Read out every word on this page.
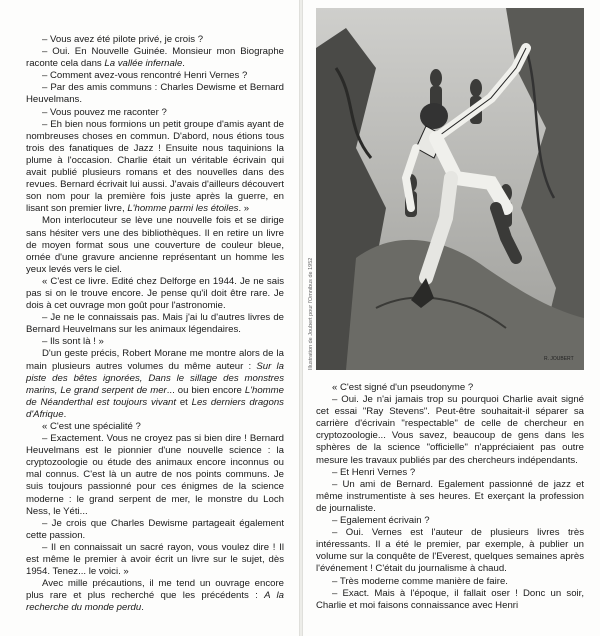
– Vous avez été pilote privé, je crois ?

– Oui. En Nouvelle Guinée. Monsieur mon Biographe raconte cela dans La vallée infernale.

– Comment avez-vous rencontré Henri Vernes ?

– Par des amis communs : Charles Dewisme et Bernard Heuvelmans.

– Vous pouvez me raconter ?

– Eh bien nous formions un petit groupe d'amis ayant de nombreuses choses en commun. D'abord, nous étions tous trois des fanatiques de Jazz ! Ensuite nous taquinions la plume à l'occasion. Charlie était un véritable écrivain qui avait publié plusieurs romans et des nouvelles dans des revues. Bernard écrivait lui aussi. J'avais d'ailleurs découvert son nom pour la première fois juste après la guerre, en lisant son premier livre, L'homme parmi les étoiles. »

Mon interlocuteur se lève une nouvelle fois et se dirige sans hésiter vers une des bibliothèques. Il en retire un livre de moyen format sous une couverture de couleur bleue, ornée d'une gravure ancienne représentant un homme les yeux levés vers le ciel.

« C'est ce livre. Edité chez Delforge en 1944. Je ne sais pas si on le trouve encore. Je pense qu'il doit être rare. Je dois à cet ouvrage mon goût pour l'astronomie.

– Je ne le connaissais pas. Mais j'ai lu d'autres livres de Bernard Heuvelmans sur les animaux légendaires.

– Ils sont là ! »

D'un geste précis, Robert Morane me montre alors de la main plusieurs autres volumes du même auteur : Sur la piste des bêtes ignorées, Dans le sillage des monstres marins, Le grand serpent de mer... ou bien encore L'homme de Néanderthal est toujours vivant et Les derniers dragons d'Afrique.

« C'est une spécialité ?

– Exactement. Vous ne croyez pas si bien dire ! Bernard Heuvelmans est le pionnier d'une nouvelle science : la cryptozoologie ou étude des animaux encore inconnus ou mal connus. C'est là un autre de nos points communs. Je suis toujours passionné pour ces énigmes de la science moderne : le grand serpent de mer, le monstre du Loch Ness, le Yéti...

– Je crois que Charles Dewisme partageait également cette passion.

– Il en connaissait un sacré rayon, vous voulez dire ! Il est même le premier à avoir écrit un livre sur le sujet, dès 1954. Tenez... le voici. »

Avec mille précautions, il me tend un ouvrage encore plus rare et plus recherché que les précédents : A la recherche du monde perdu.

R. JOUBERT
Illustration de Joubert pour l'Omnibus de 1952

« C'est signé d'un pseudonyme ?

– Oui. Je n'ai jamais trop su pourquoi Charlie avait signé cet essai "Ray Stevens". Peut-être souhaitait-il séparer sa carrière d'écrivain "respectable" de celle de chercheur en cryptozoologie... Vous savez, beaucoup de gens dans les sphères de la science "officielle" n'appréciaient pas outre mesure les travaux publiés par des chercheurs indépendants.

– Et Henri Vernes ?

– Un ami de Bernard. Egalement passionné de jazz et même instrumentiste à ses heures. Et exerçant la profession de journaliste.

– Egalement écrivain ?

– Oui. Vernes est l'auteur de plusieurs livres très intéressants. Il a été le premier, par exemple, à publier un volume sur la conquête de l'Everest, quelques semaines après l'événement ! C'était du journalisme à chaud.

– Très moderne comme manière de faire.

– Exact. Mais à l'époque, il fallait oser ! Donc un soir, Charlie et moi faisons connaissance avec Henri
